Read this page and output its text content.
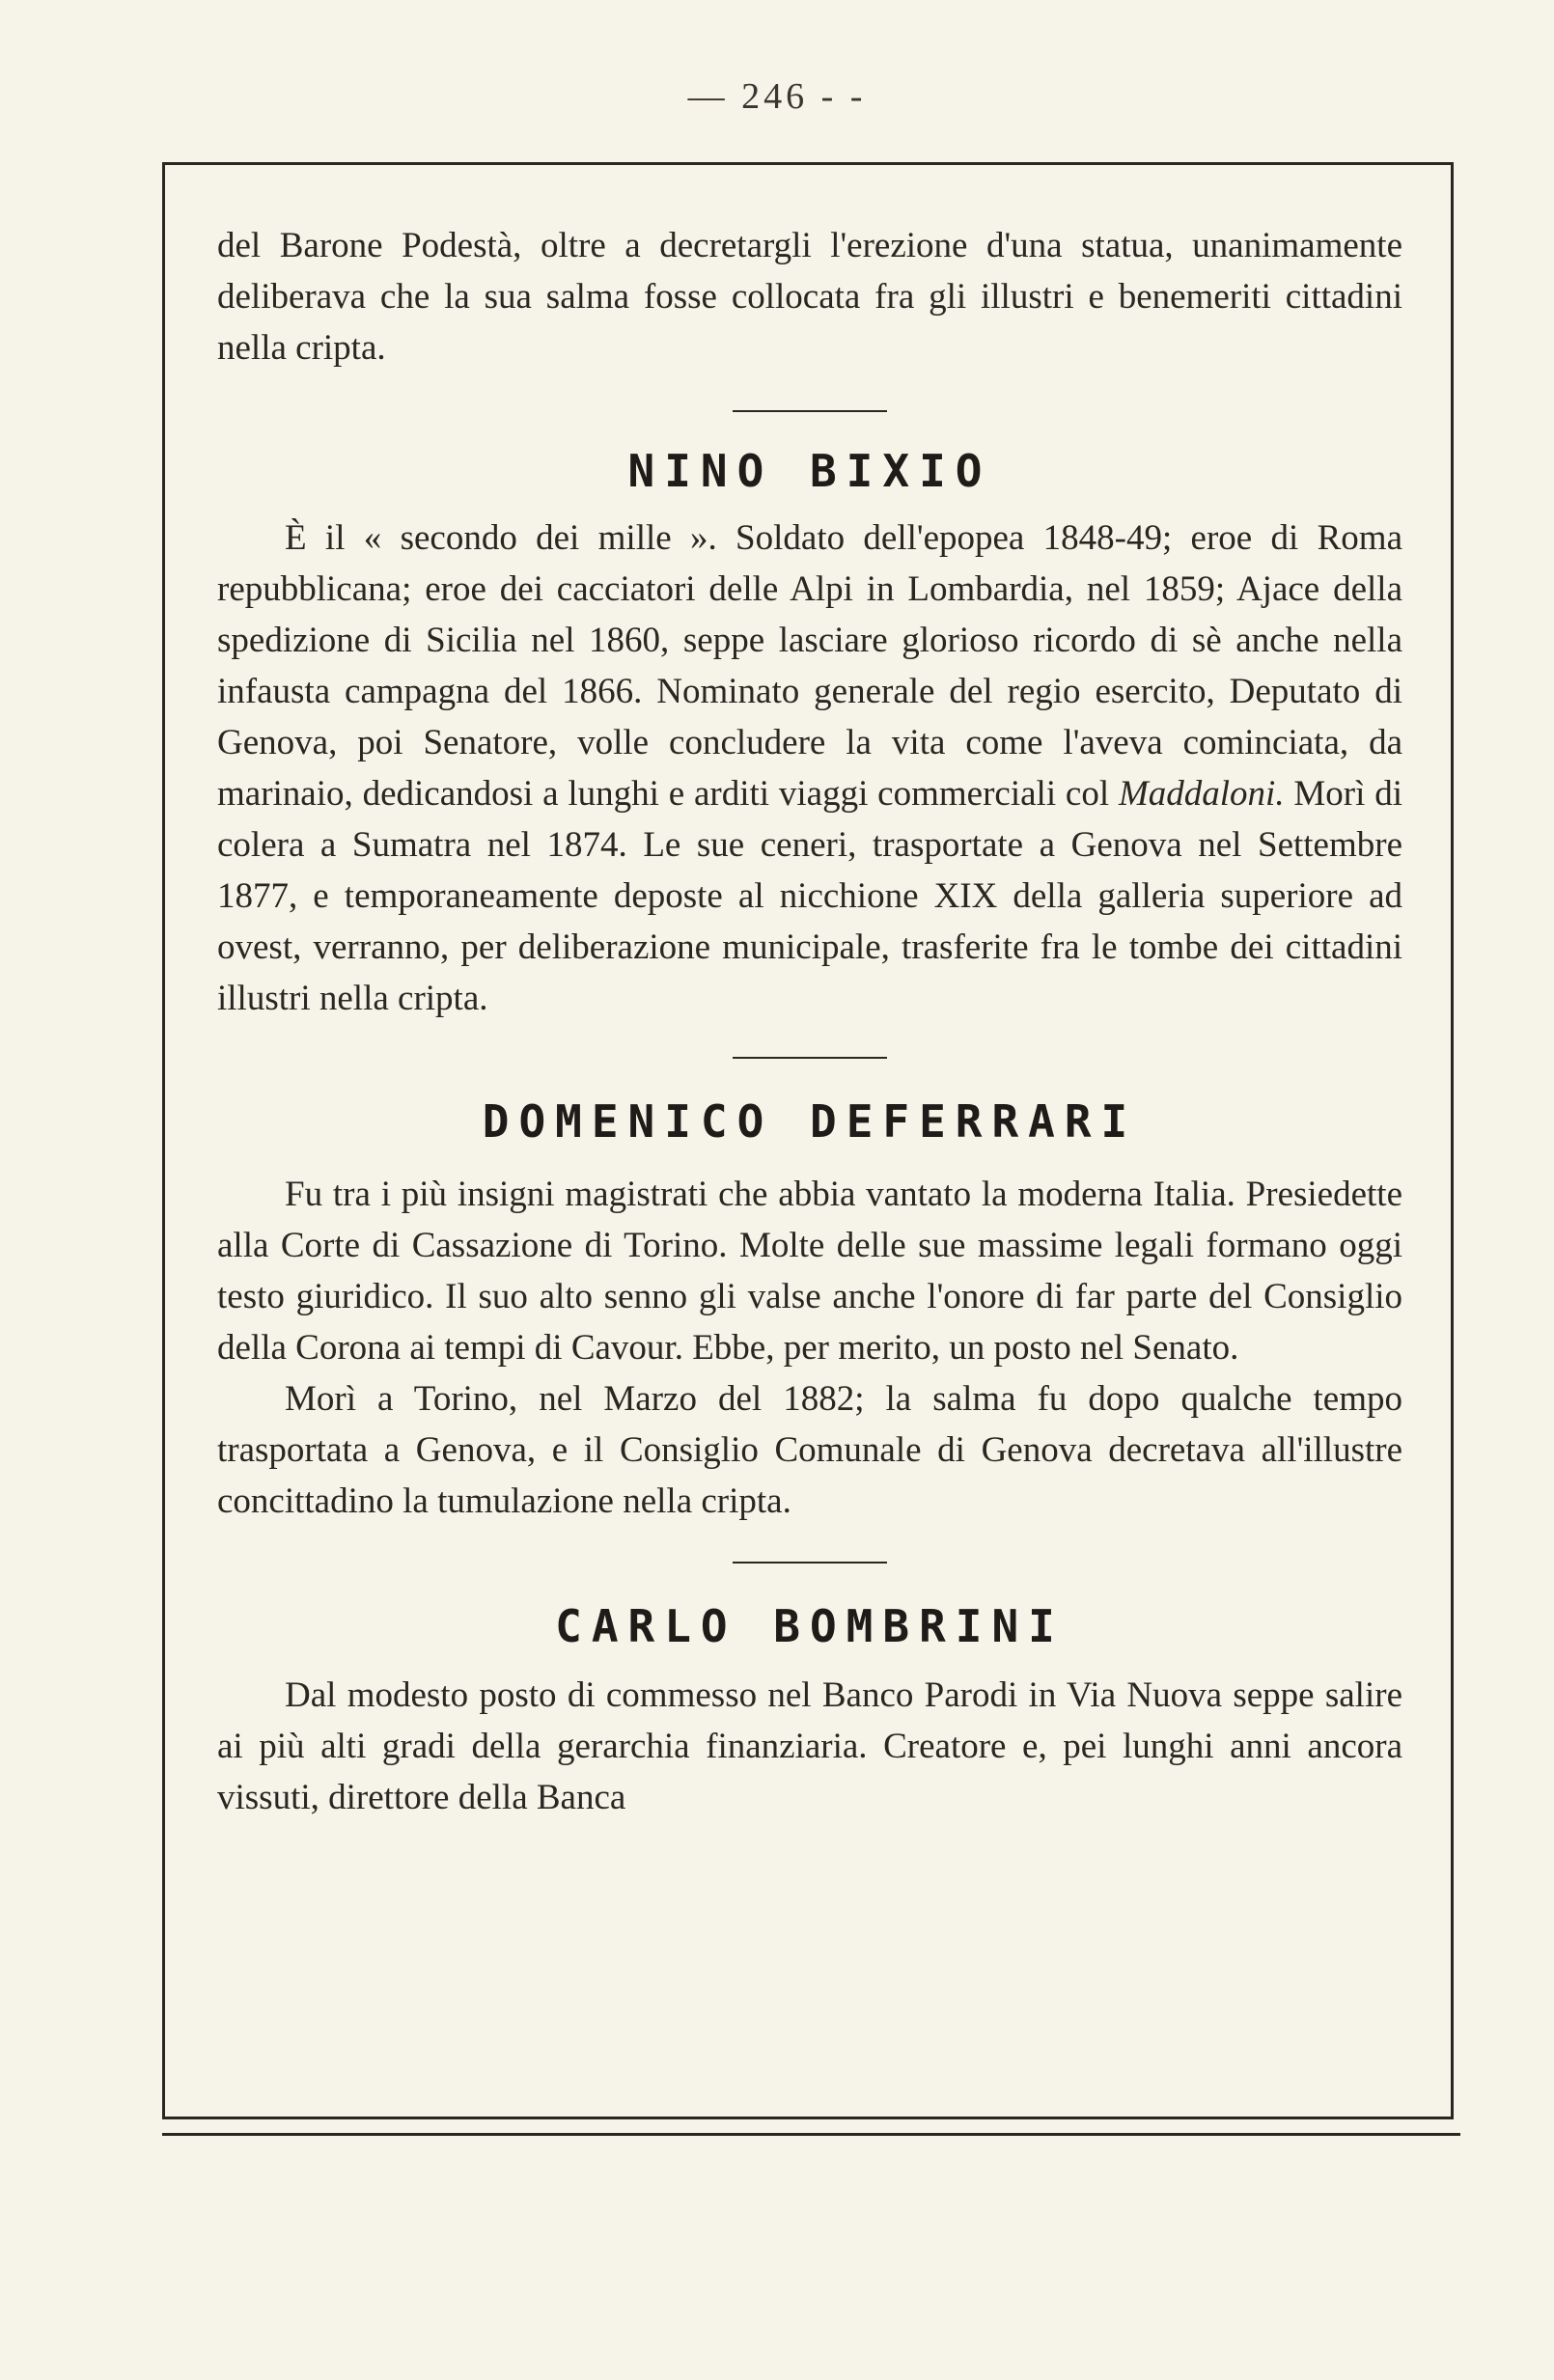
— 246 - -

del Barone Podestà, oltre a decretargli l'erezione d'una statua, unanimamente deliberava che la sua salma fosse collocata fra gli illustri e benemeriti cittadini nella cripta.

NINO BIXIO

È il « secondo dei mille ». Soldato dell'epopea 1848-49; eroe di Roma repubblicana; eroe dei cacciatori delle Alpi in Lombardia, nel 1859; Ajace della spedizione di Sicilia nel 1860, seppe lasciare glorioso ricordo di sè anche nella infausta campagna del 1866. Nominato generale del regio esercito, Deputato di Genova, poi Senatore, volle concludere la vita come l'aveva cominciata, da marinaio, dedicandosi a lunghi e arditi viaggi commerciali col Maddaloni. Morì di colera a Sumatra nel 1874. Le sue ceneri, trasportate a Genova nel Settembre 1877, e temporaneamente deposte al nicchione XIX della galleria superiore ad ovest, verranno, per deliberazione municipale, trasferite fra le tombe dei cittadini illustri nella cripta.

DOMENICO DEFERRARI

Fu tra i più insigni magistrati che abbia vantato la moderna Italia. Presiedette alla Corte di Cassazione di Torino. Molte delle sue massime legali formano oggi testo giuridico. Il suo alto senno gli valse anche l'onore di far parte del Consiglio della Corona ai tempi di Cavour. Ebbe, per merito, un posto nel Senato.

Morì a Torino, nel Marzo del 1882; la salma fu dopo qualche tempo trasportata a Genova, e il Consiglio Comunale di Genova decretava all'illustre concittadino la tumulazione nella cripta.

CARLO BOMBRINI

Dal modesto posto di commesso nel Banco Parodi in Via Nuova seppe salire ai più alti gradi della gerarchia finanziaria. Creatore e, pei lunghi anni ancora vissuti, direttore della Banca
